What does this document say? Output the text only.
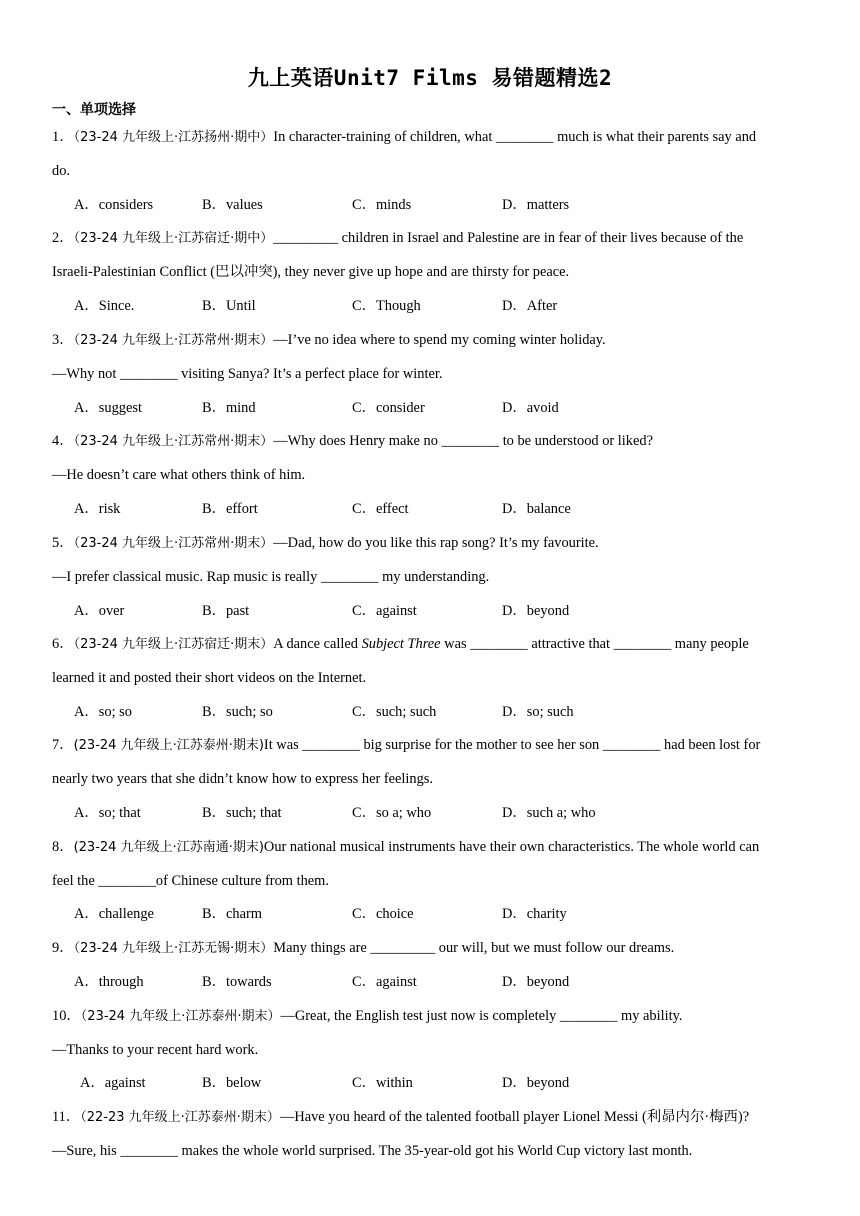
九上英语Unit7 Films 易错题精选2
一、单项选择
1．（23-24 九年级上·江苏扬州·期中）In character-training of children, what ________ much is what their parents say and
do.
A．considers	B．values	C．minds	D．matters
2．（23-24 九年级上·江苏宿迁·期中）_________ children in Israel and Palestine are in fear of their lives because of the
Israeli-Palestinian Conflict (巴以冲突), they never give up hope and are thirsty for peace.
A．Since.	B．Until	C．Though	D．After
3．（23-24 九年级上·江苏常州·期末）—I’ve no idea where to spend my coming winter holiday.
—Why not ________ visiting Sanya? It’s a perfect place for winter.
A．suggest	B．mind	C．consider	D．avoid
4．（23-24 九年级上·江苏常州·期末）—Why does Henry make no ________ to be understood or liked?
—He doesn’t care what others think of him.
A．risk	B．effort	C．effect	D．balance
5．（23-24 九年级上·江苏常州·期末）—Dad, how do you like this rap song? It’s my favourite.
—I prefer classical music. Rap music is really ________ my understanding.
A．over	B．past	C．against	D．beyond
6．（23-24 九年级上·江苏宿迁·期末）A dance called Subject Three was ________ attractive that ________ many people
learned it and posted their short videos on the Internet.
A．so; so	B．such; so	C．such; such	D．so; such
7．(23-24 九年级上·江苏泰州·期末)It was ________ big surprise for the mother to see her son ________ had been lost for
nearly two years that she didn’t know how to express her feelings.
A．so; that	B．such; that	C．so a; who	D．such a; who
8．(23-24 九年级上·江苏南通·期末)Our national musical instruments have their own characteristics. The whole world can
feel the ________of Chinese culture from them.
A．challenge	B．charm	C．choice	D．charity
9．（23-24 九年级上·江苏无锡·期末）Many things are _________ our will, but we must follow our dreams.
A．through	B．towards	C．against	D．beyond
10．（23-24 九年级上·江苏泰州·期末）—Great, the English test just now is completely ________ my ability.
—Thanks to your recent hard work.
A．against	B．below	C．within	D．beyond
11．（22-23 九年级上·江苏泰州·期末）—Have you heard of the talented football player Lionel Messi (利昴内尔·梅西)?
—Sure, his ________ makes the whole world surprised. The 35-year-old got his World Cup victory last month.
